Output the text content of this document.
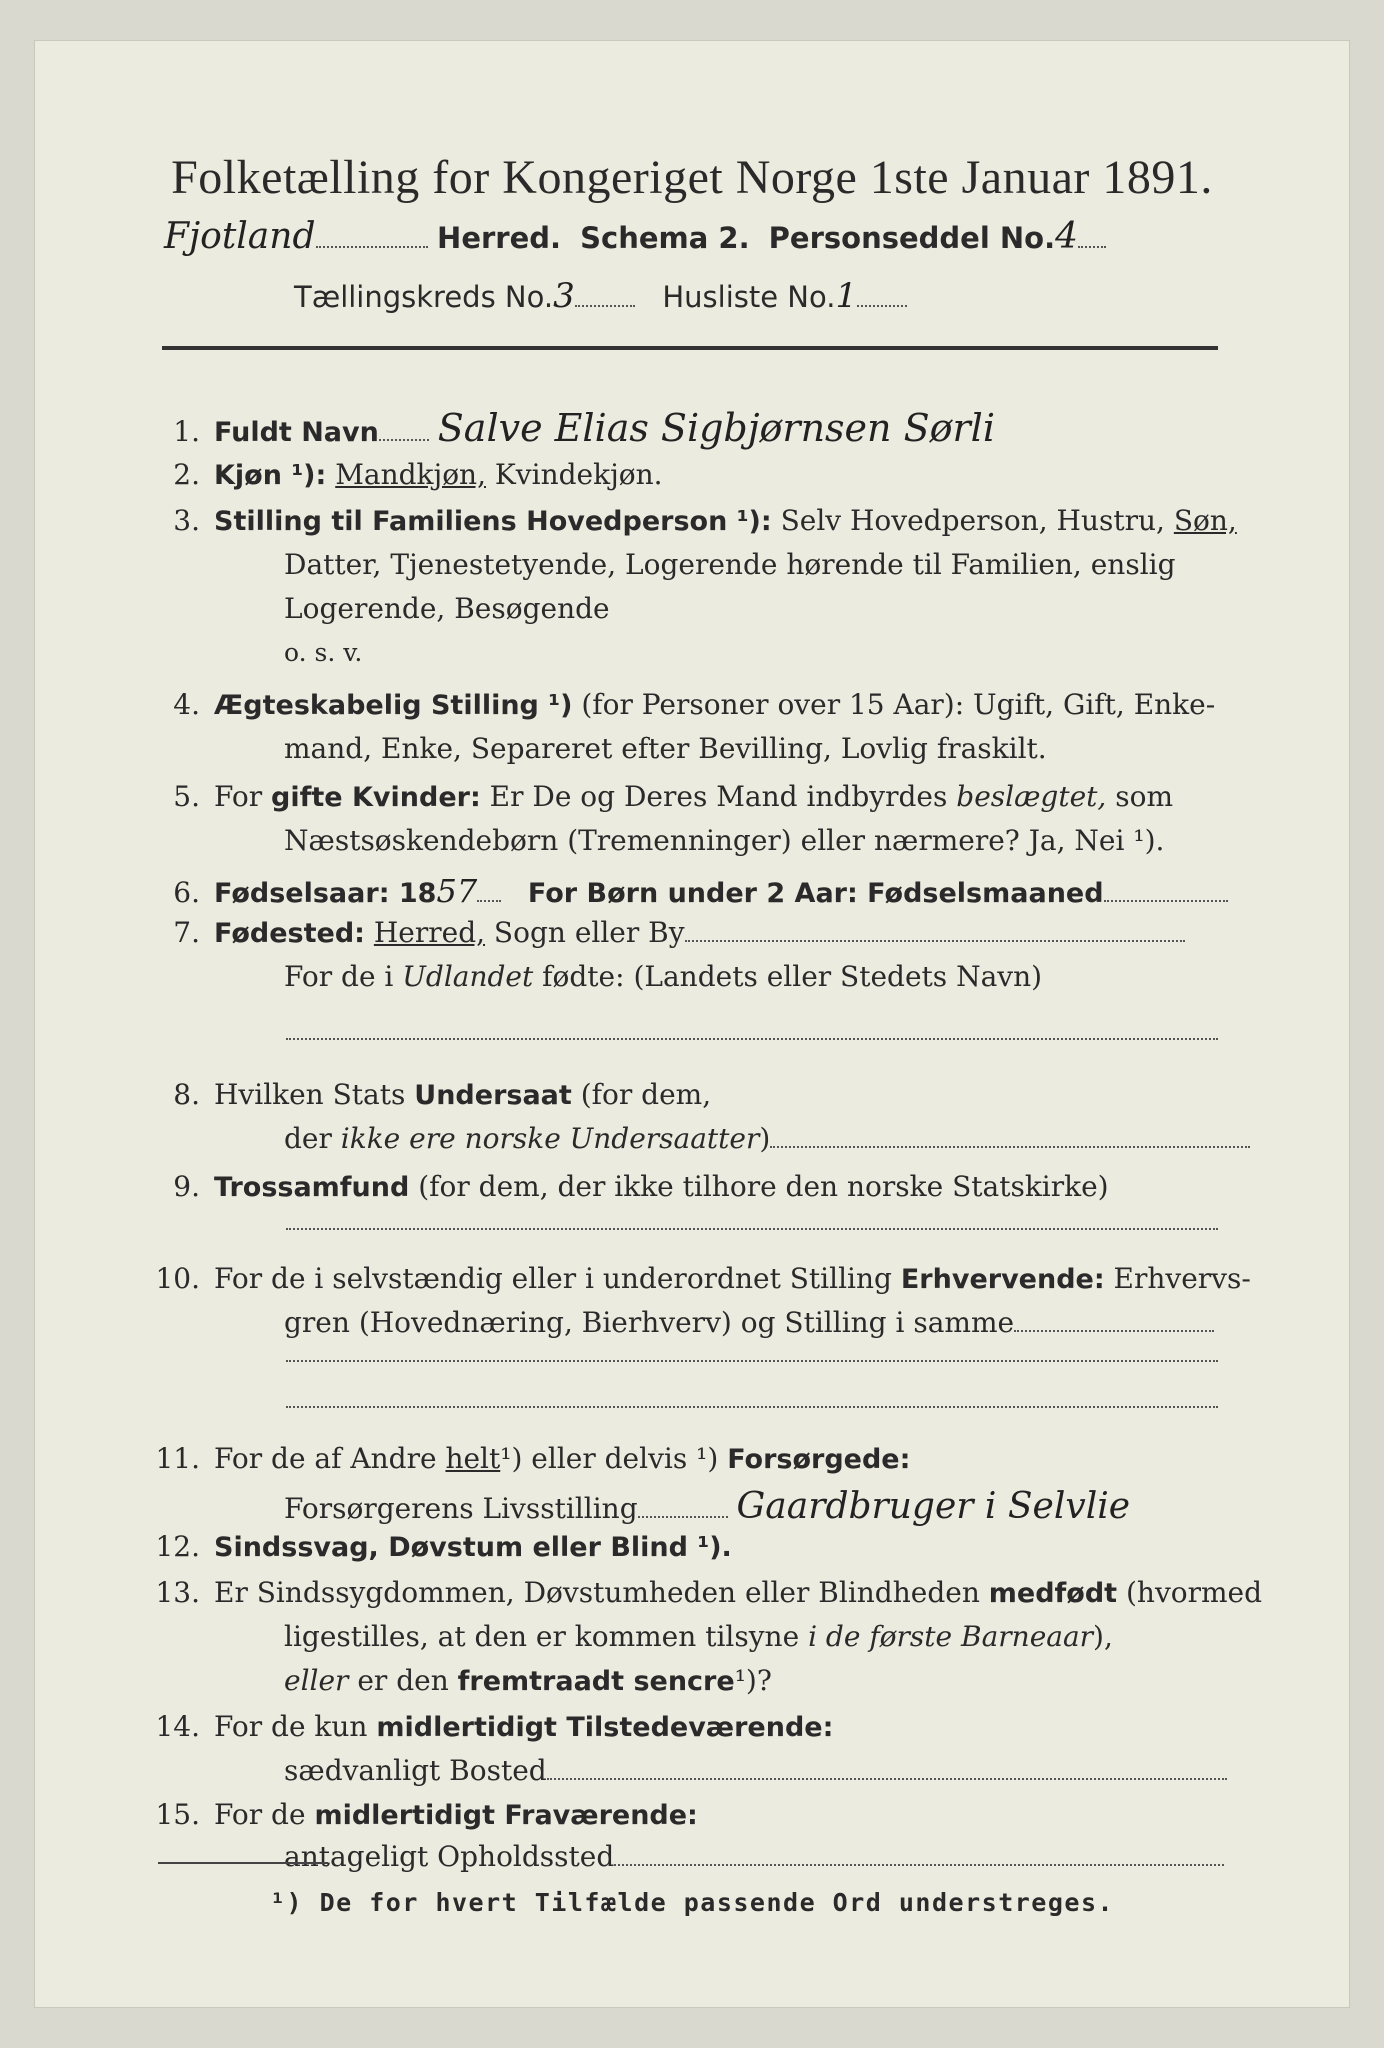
Folketælling for Kongeriget Norge 1ste Januar 1891.
Fjotland	Herred. Schema 2. Personseddel No.4
Tællingskreds No.3	Husliste No.1
1. Fuldt Navn Salve Elias Sigbjørnsen Sørli
2. Kjøn ¹): Mandkjøn, Kvindekjøn.
3. Stilling til Familiens Hovedperson ¹): Selv Hovedperson, Hustru, Søn,
Datter, Tjenestetyende, Logerende hørende til Familien, enslig
Logerende, Besøgende
o. s. v.
4. Ægteskabelig Stilling ¹) (for Personer over 15 Aar): Ugift, Gift, Enke-
mand, Enke, Separeret efter Bevilling, Lovlig fraskilt.
5. For gifte Kvinder: Er De og Deres Mand indbyrdes beslægtet, som
Næstsøskendebørn (Tremenninger) eller nærmere? Ja, Nei ¹).
6. Fødselsaar: 1857 For Børn under 2 Aar: Fødselsmaaned
7. Fødested: Herred, Sogn eller By
For de i Udlandet fødte: (Landets eller Stedets Navn)
8. Hvilken Stats Undersaat (for dem,
der ikke ere norske Undersaatter)
9. Trossamfund (for dem, der ikke tilhore den norske Statskirke)
10. For de i selvstændig eller i underordnet Stilling Erhvervende: Erhvervs-
gren (Hovednæring, Bierhverv) og Stilling i samme
11. For de af Andre helt¹) eller delvis ¹) Forsørgede:
Forsørgerens Livsstilling	Gaardbruger i Selvlie
12. Sindssvag, Døvstum eller Blind ¹).
13. Er Sindssygdommen, Døvstumheden eller Blindheden medfødt (hvormed
ligestilles, at den er kommen tilsyne i de første Barneaar),
eller er den fremtraadt sencre¹)?
14. For de kun midlertidigt Tilstedeværende:
sædvanligt Bosted
15. For de midlertidigt Fraværende:
antageligt Opholdssted
¹) De for hvert Tilfælde passende Ord understreges.
